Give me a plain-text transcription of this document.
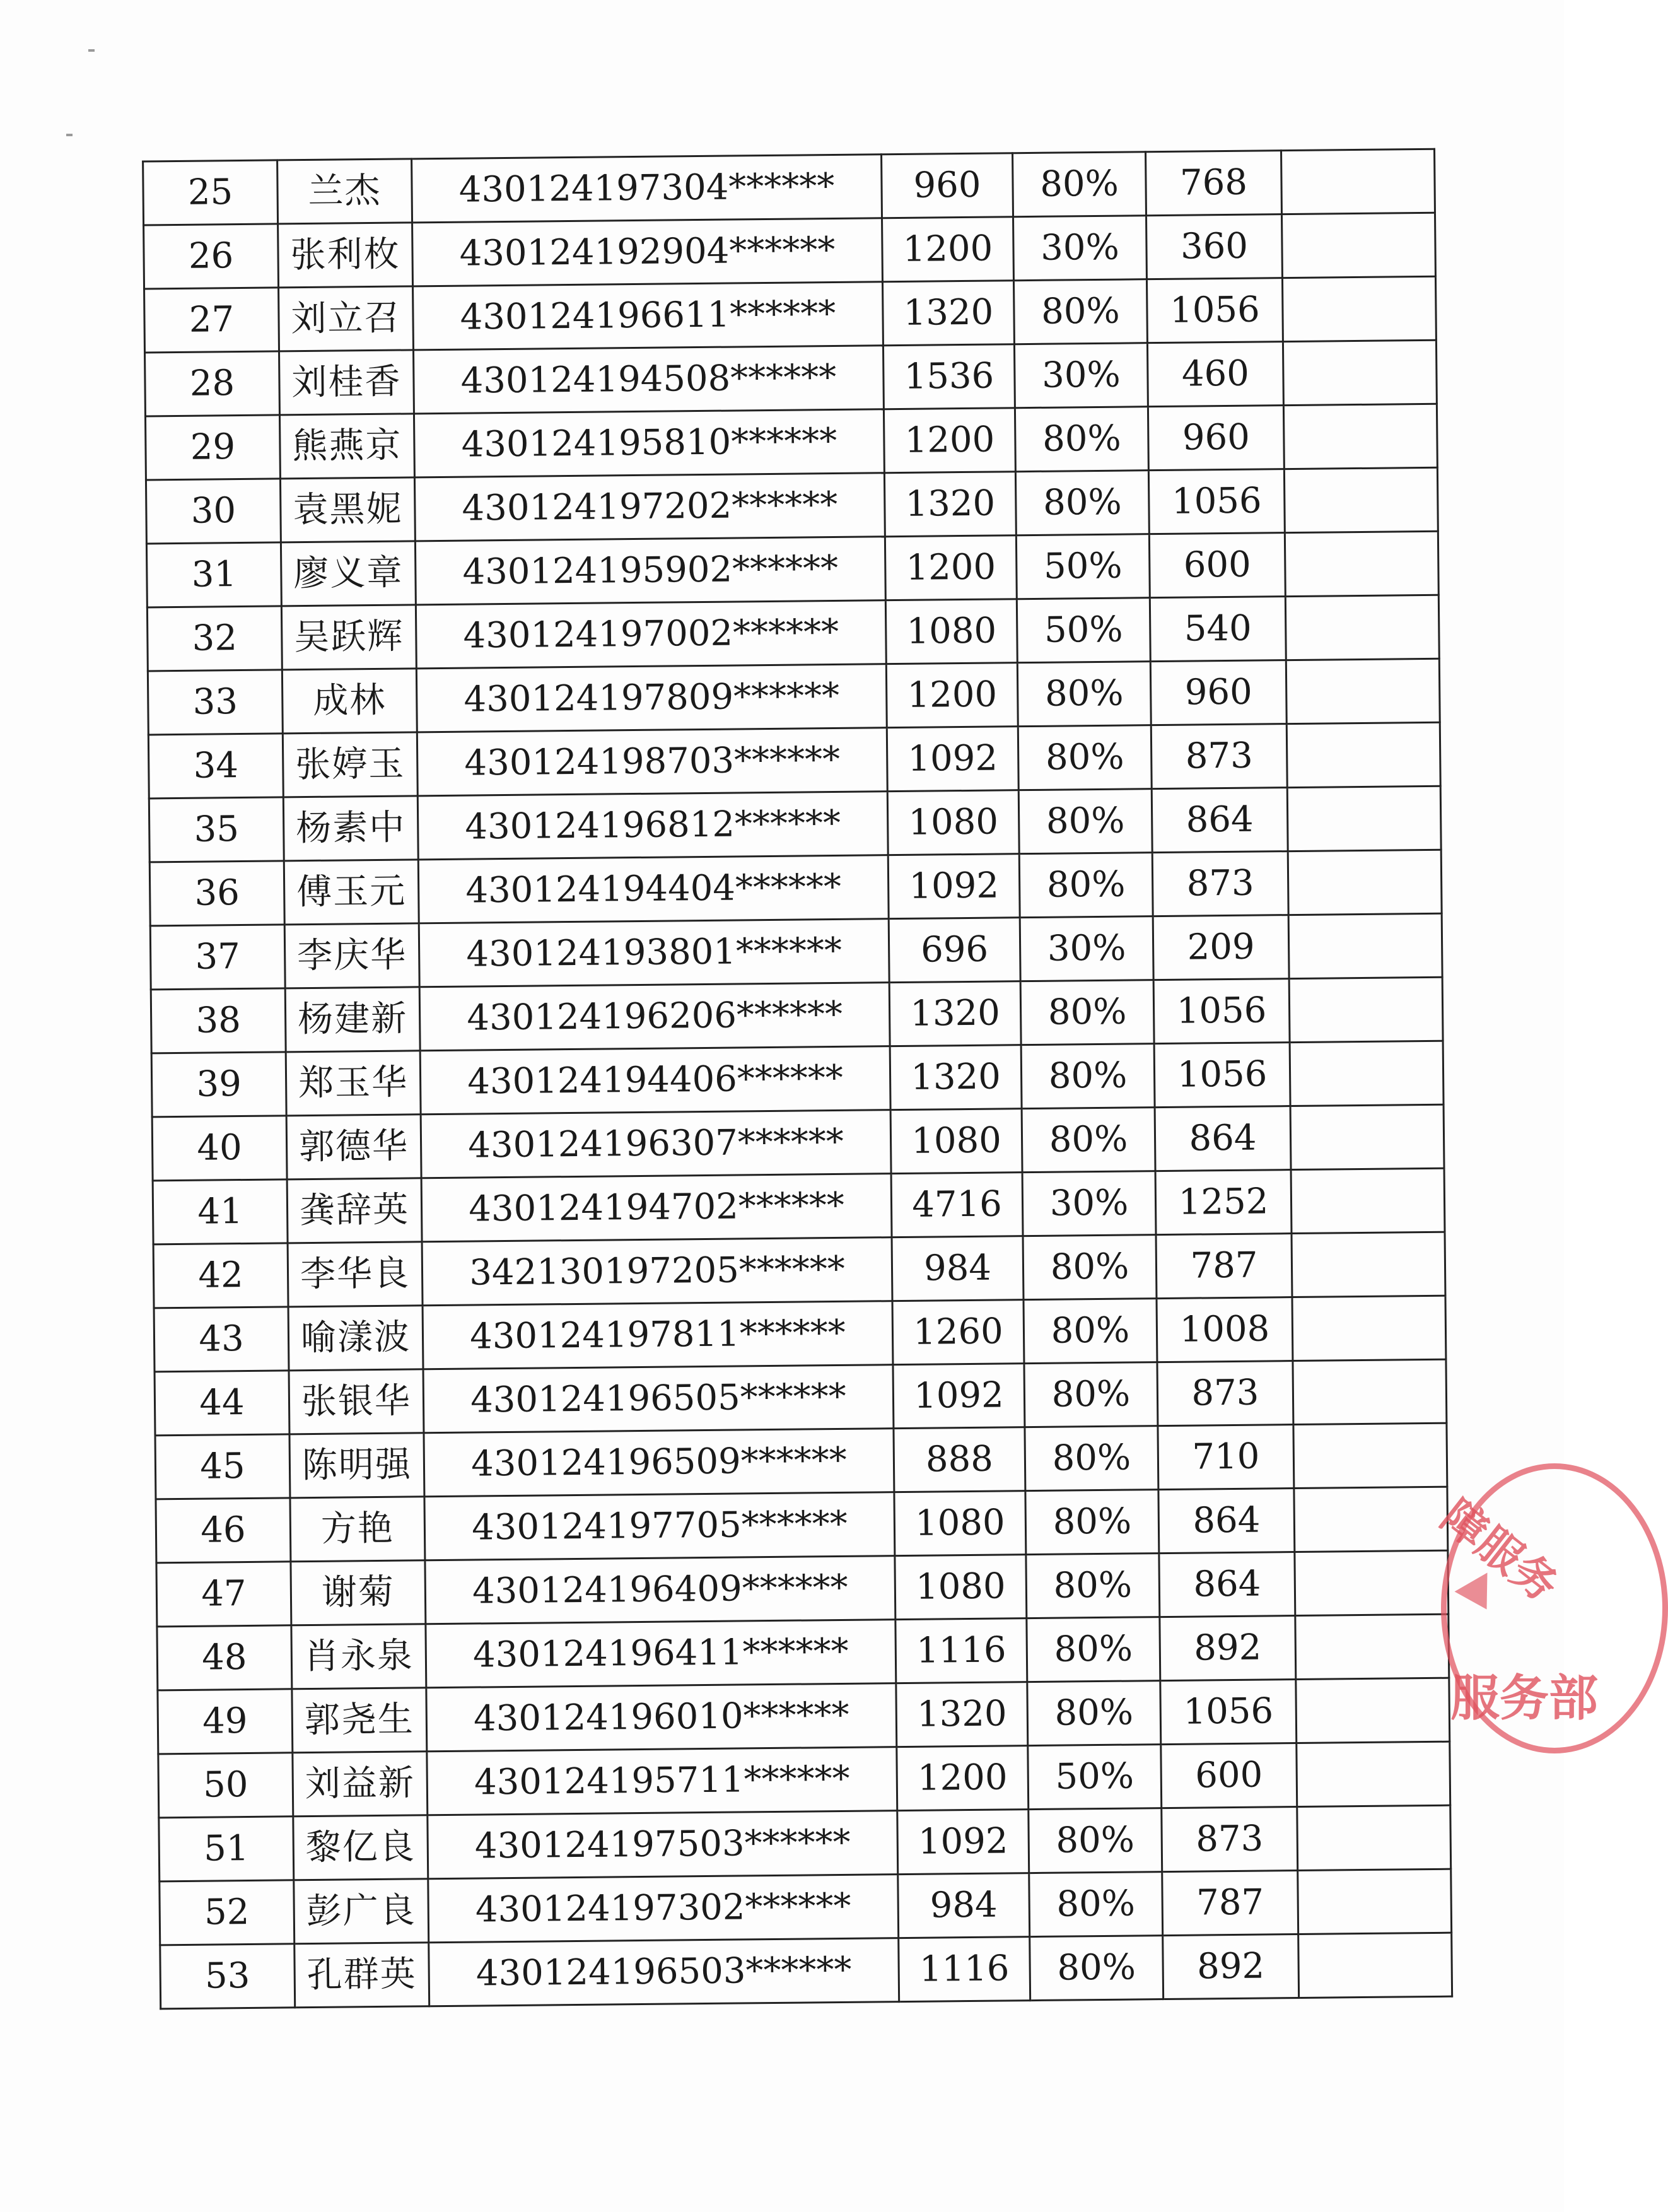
25	兰杰	430124197304******	960	80%	768	
26	张利枚	430124192904******	1200	30%	360	
27	刘立召	430124196611******	1320	80%	1056	
28	刘桂香	430124194508******	1536	30%	460	
29	熊燕京	430124195810******	1200	80%	960	
30	袁黑妮	430124197202******	1320	80%	1056	
31	廖义章	430124195902******	1200	50%	600	
32	吴跃辉	430124197002******	1080	50%	540	
33	成林	430124197809******	1200	80%	960	
34	张婷玉	430124198703******	1092	80%	873	
35	杨素中	430124196812******	1080	80%	864	
36	傅玉元	430124194404******	1092	80%	873	
37	李庆华	430124193801******	696	30%	209	
38	杨建新	430124196206******	1320	80%	1056	
39	郑玉华	430124194406******	1320	80%	1056	
40	郭德华	430124196307******	1080	80%	864	
41	龚辞英	430124194702******	4716	30%	1252	
42	李华良	342130197205******	984	80%	787	
43	喻漾波	430124197811******	1260	80%	1008	
44	张银华	430124196505******	1092	80%	873	
45	陈明强	430124196509******	888	80%	710	
46	方艳	430124197705******	1080	80%	864	
47	谢菊	430124196409******	1080	80%	864	
48	肖永泉	430124196411******	1116	80%	892	
49	郭尧生	430124196010******	1320	80%	1056	
50	刘益新	430124195711******	1200	50%	600	
51	黎亿良	430124197503******	1092	80%	873	
52	彭广良	430124197302******	984	80%	787	
53	孔群英	430124196503******	1116	80%	892	
障服务
服务部
